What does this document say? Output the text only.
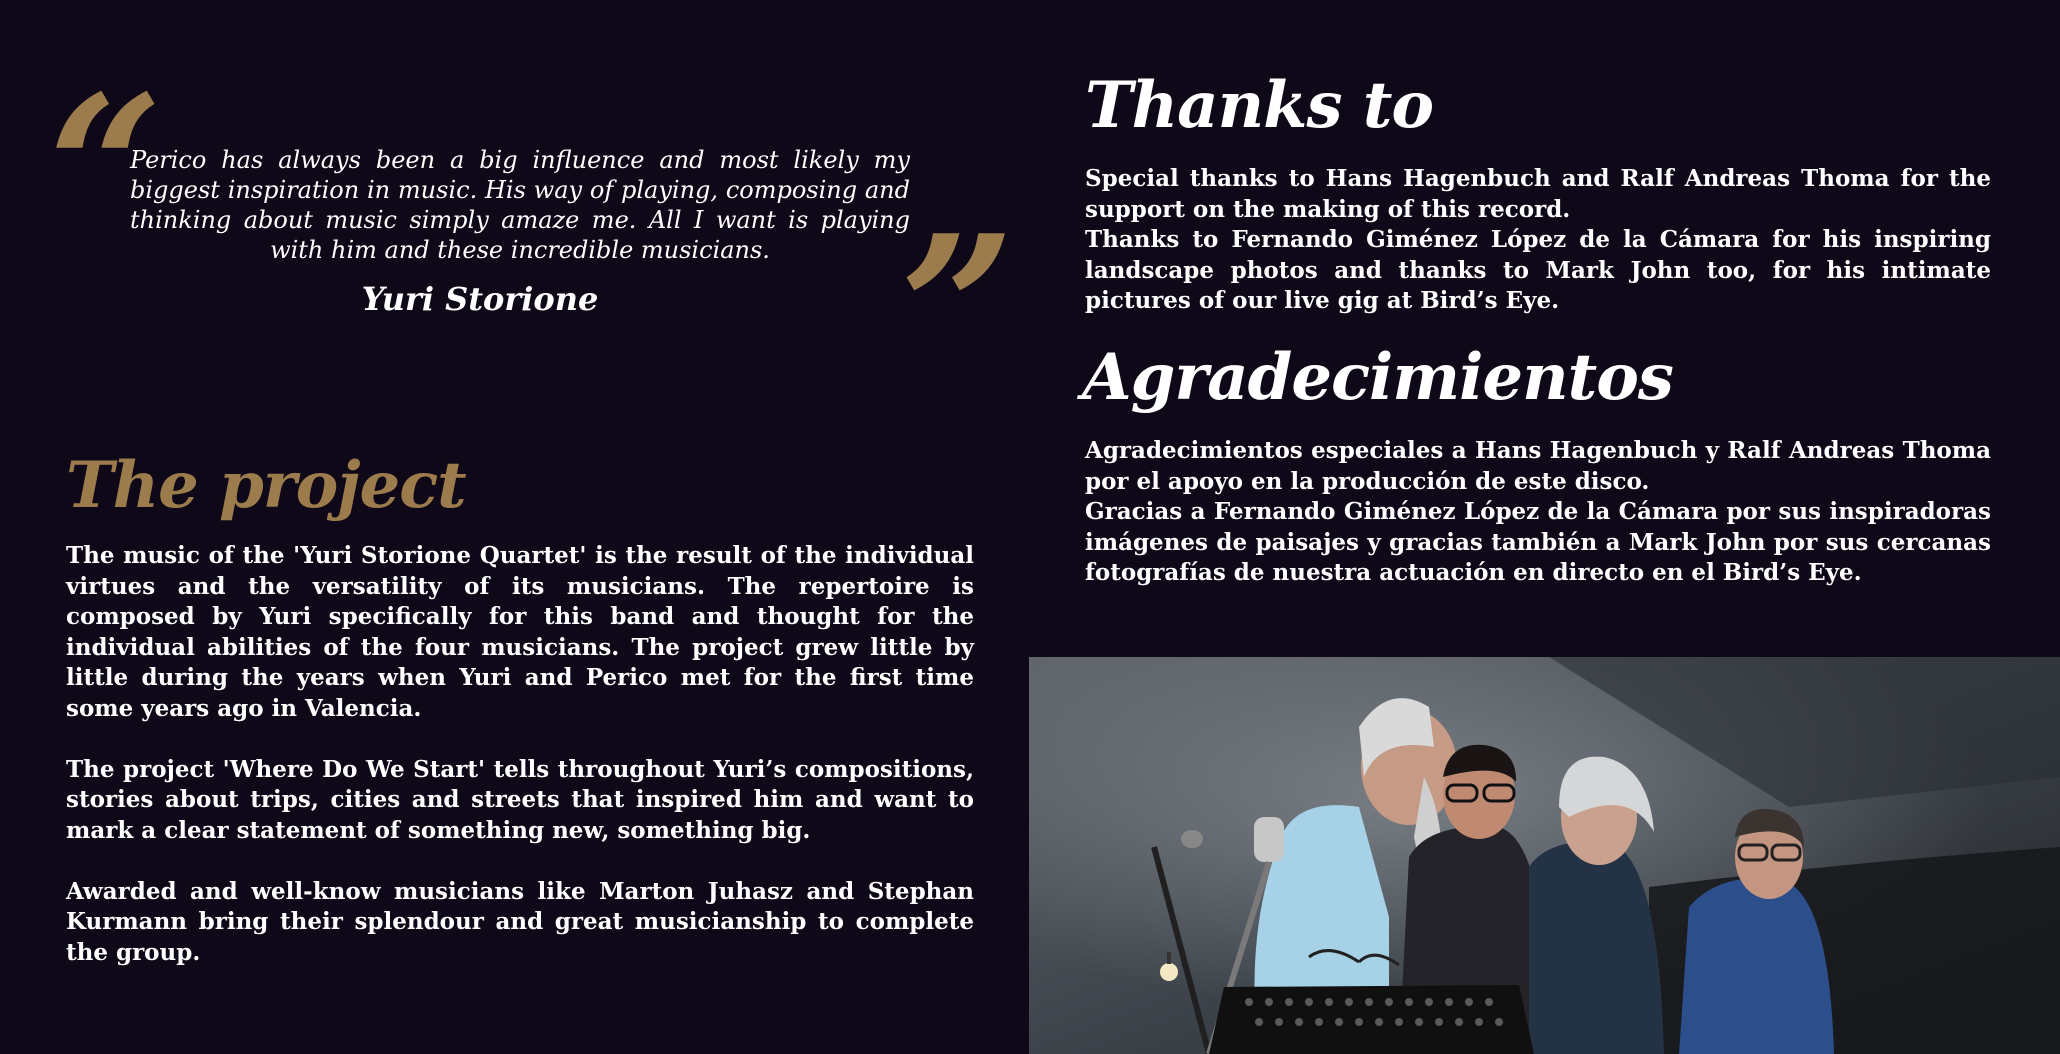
“
Perico has always been a big influence and most likely my biggest inspiration in music. His way of playing, composing and thinking about music simply amaze me. All I want is playing with him and these incredible musicians.
Yuri Storione ”
The project

The music of the 'Yuri Storione Quartet' is the result of the individual virtues and the versatility of its musicians. The repertoire is composed by Yuri specifically for this band and thought for the individual abilities of the four musicians. The project grew little by little during the years when Yuri and Perico met for the first time some years ago in Valencia.

The project 'Where Do We Start' tells throughout Yuri’s compositions, stories about trips, cities and streets that inspired him and want to mark a clear statement of something new, something big.

Awarded and well-know musicians like Marton Juhasz and Stephan Kurmann bring their splendour and great musicianship to complete the group.

Thanks to
Special thanks to Hans Hagenbuch and Ralf Andreas Thoma for the support on the making of this record.
Thanks to Fernando Giménez López de la Cámara for his inspiring landscape photos and thanks to Mark John too, for his intimate pictures of our live gig at Bird’s Eye.
Agradecimientos
Agradecimientos especiales a Hans Hagenbuch y Ralf Andreas Thoma por el apoyo en la producción de este disco.
Gracias a Fernando Giménez López de la Cámara por sus inspiradoras imágenes de paisajes y gracias también a Mark John por sus cercanas fotografías de nuestra actuación en directo en el Bird’s Eye.
